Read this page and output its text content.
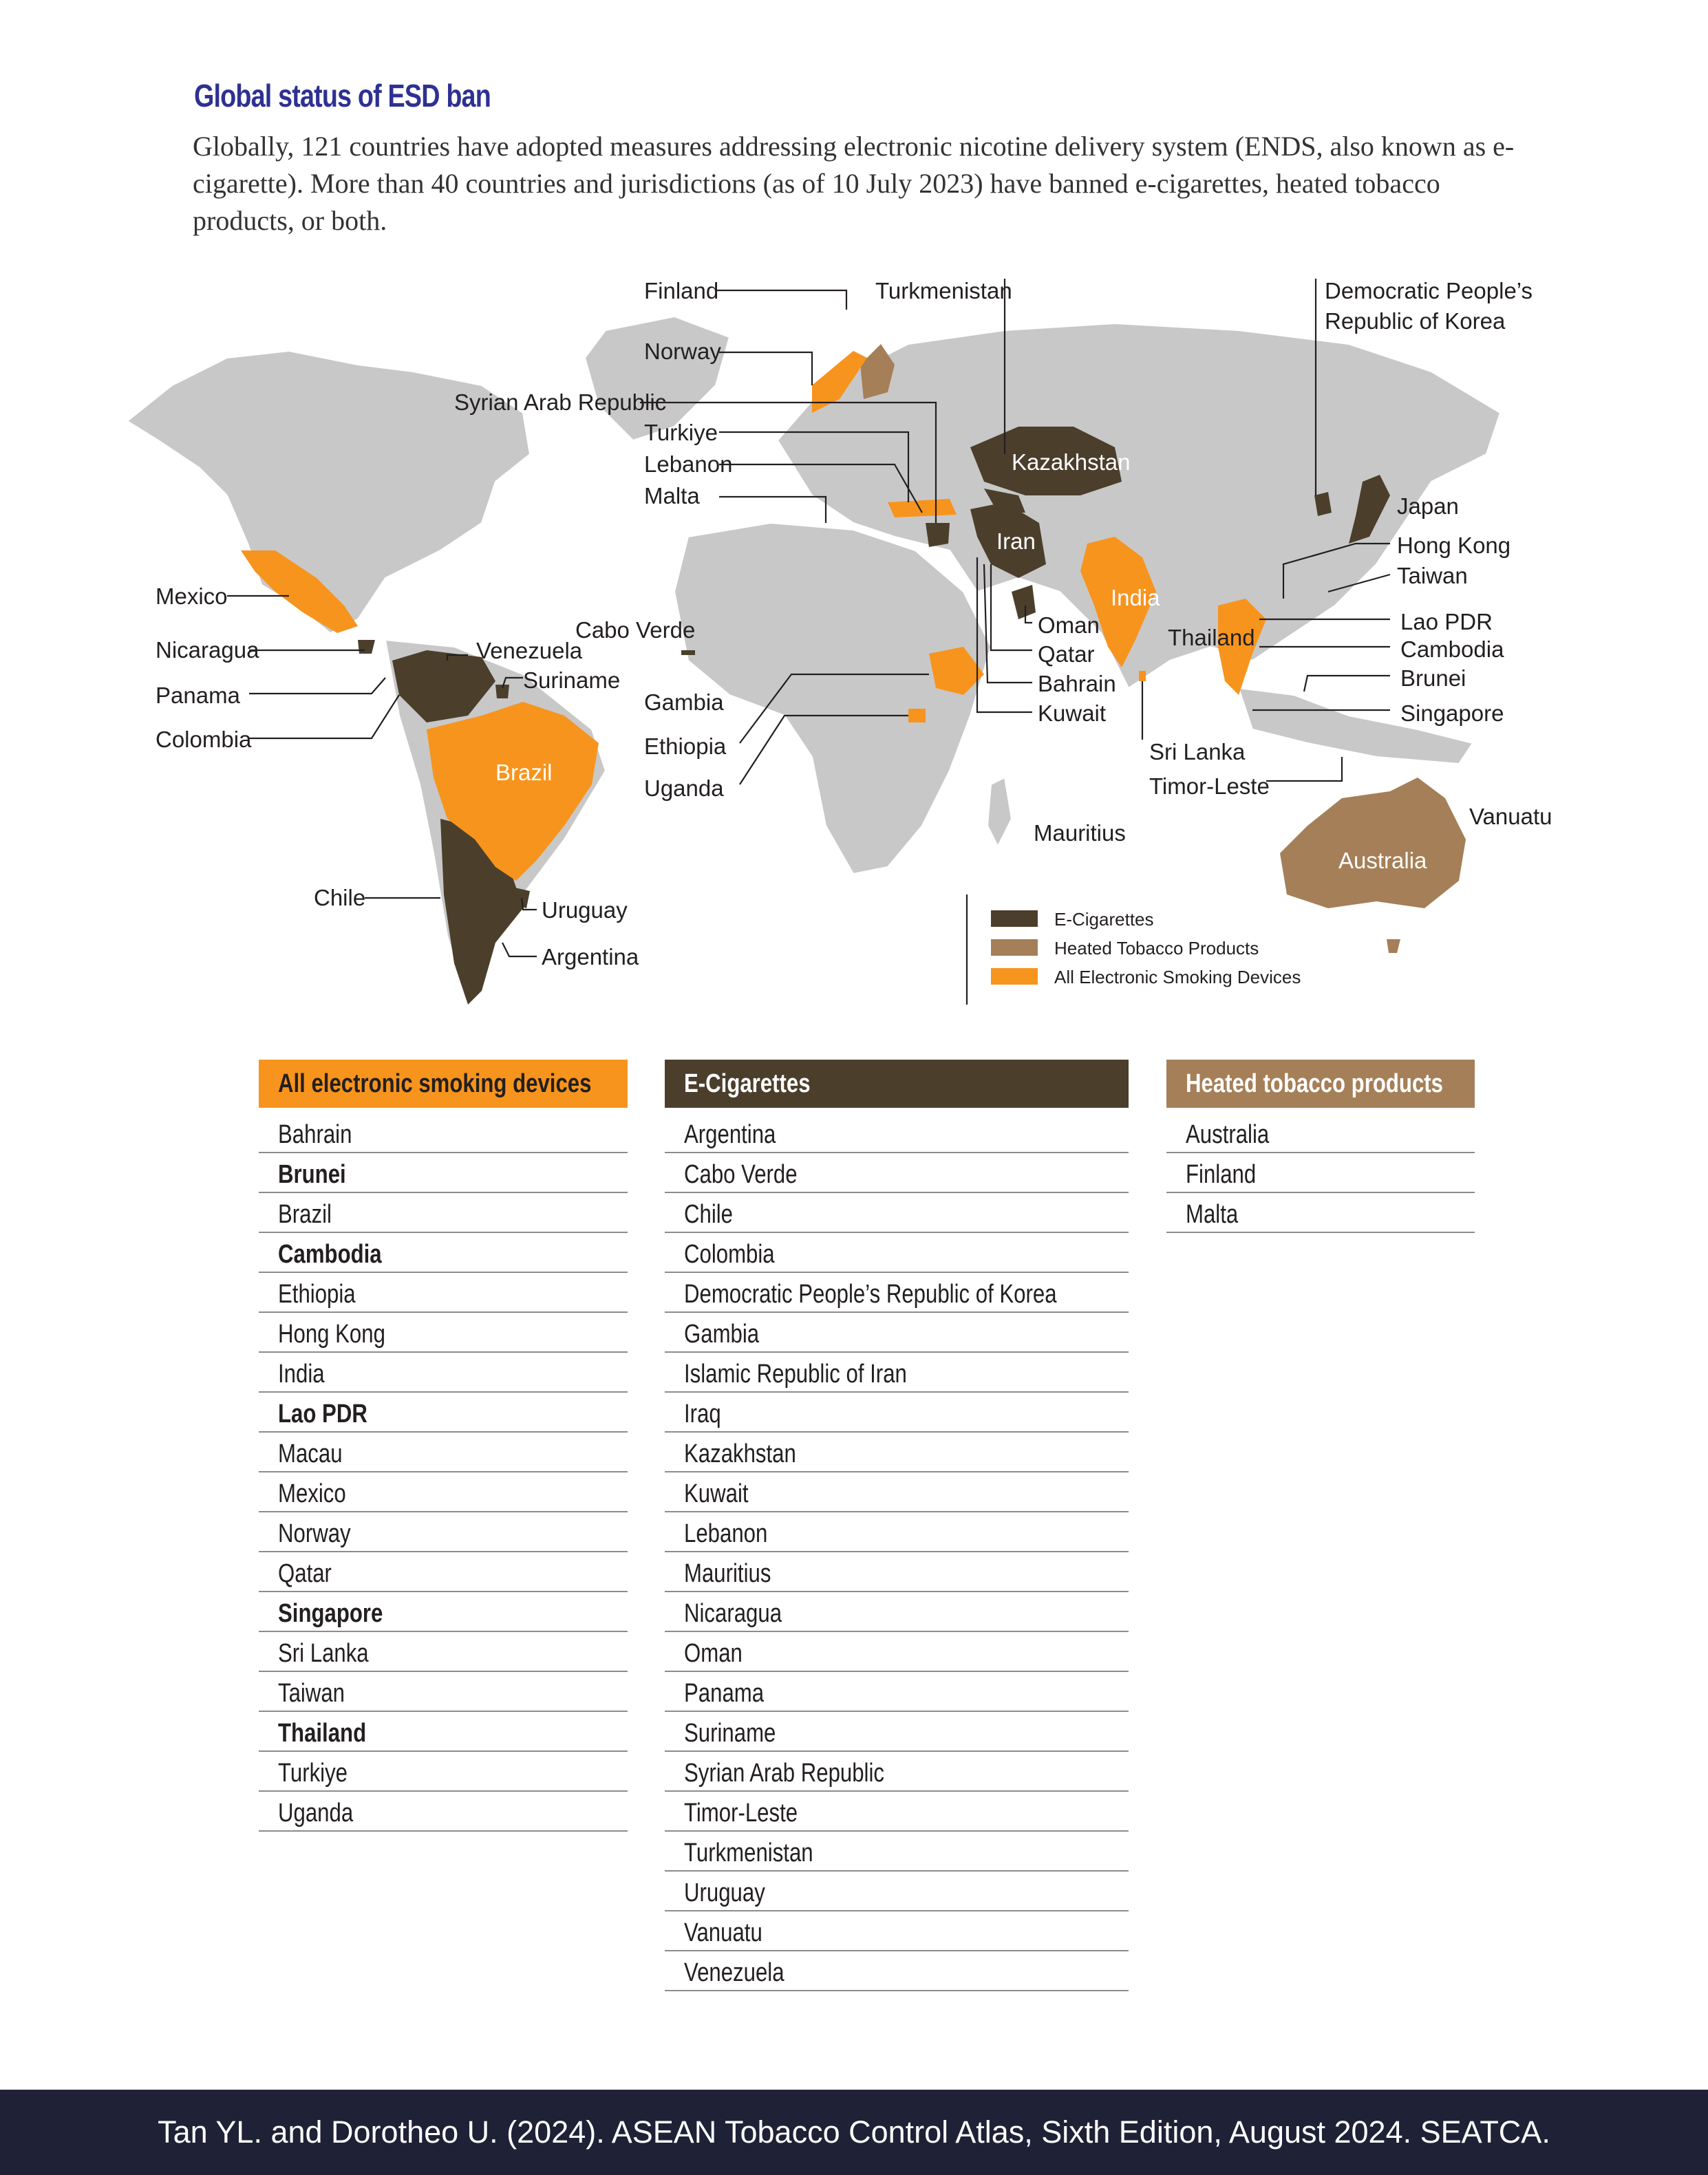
Global status of ESD ban
Globally, 121 countries have adopted measures addressing electronic nicotine delivery system (ENDS, also known as e-cigarette). More than 40 countries and jurisdictions (as of 10 July 2023) have banned e-cigarettes, heated tobacco products, or both.
Finland	Turkmenistan	Democratic People’s
Republic of Korea
Norway
Syrian Arab Republic
Turkiye
Lebanon
Malta
Kazakhstan
Japan
Iran	Hong Kong
Taiwan
Mexico	India
Oman	Lao PDR
Nicaragua	Venezuela
Cabo Verde
Qatar
Thailand	Cambodia
Suriname	Bahrain	Brunei
Panama	Gambia	Kuwait	Singapore
Colombia	Ethiopia	Sri Lanka
Brazil
Uganda	Timor-Leste
Vanuatu
Mauritius
Australia
Chile	Uruguay
Argentina
E-Cigarettes
Heated Tobacco Products
All Electronic Smoking Devices
All electronic smoking devices
Bahrain
Brunei
Brazil
Cambodia
Ethiopia
Hong Kong
India
Lao PDR
Macau
Mexico
Norway
Qatar
Singapore
Sri Lanka
Taiwan
Thailand
Turkiye
Uganda
E-Cigarettes
Argentina
Cabo Verde
Chile
Colombia
Democratic People’s Republic of Korea
Gambia
Islamic Republic of Iran
Iraq
Kazakhstan
Kuwait
Lebanon
Mauritius
Nicaragua
Oman
Panama
Suriname
Syrian Arab Republic
Timor-Leste
Turkmenistan
Uruguay
Vanuatu
Venezuela
Heated tobacco products
Australia
Finland
Malta
Tan YL. and Dorotheo U. (2024). ASEAN Tobacco Control Atlas, Sixth Edition, August 2024. SEATCA.
